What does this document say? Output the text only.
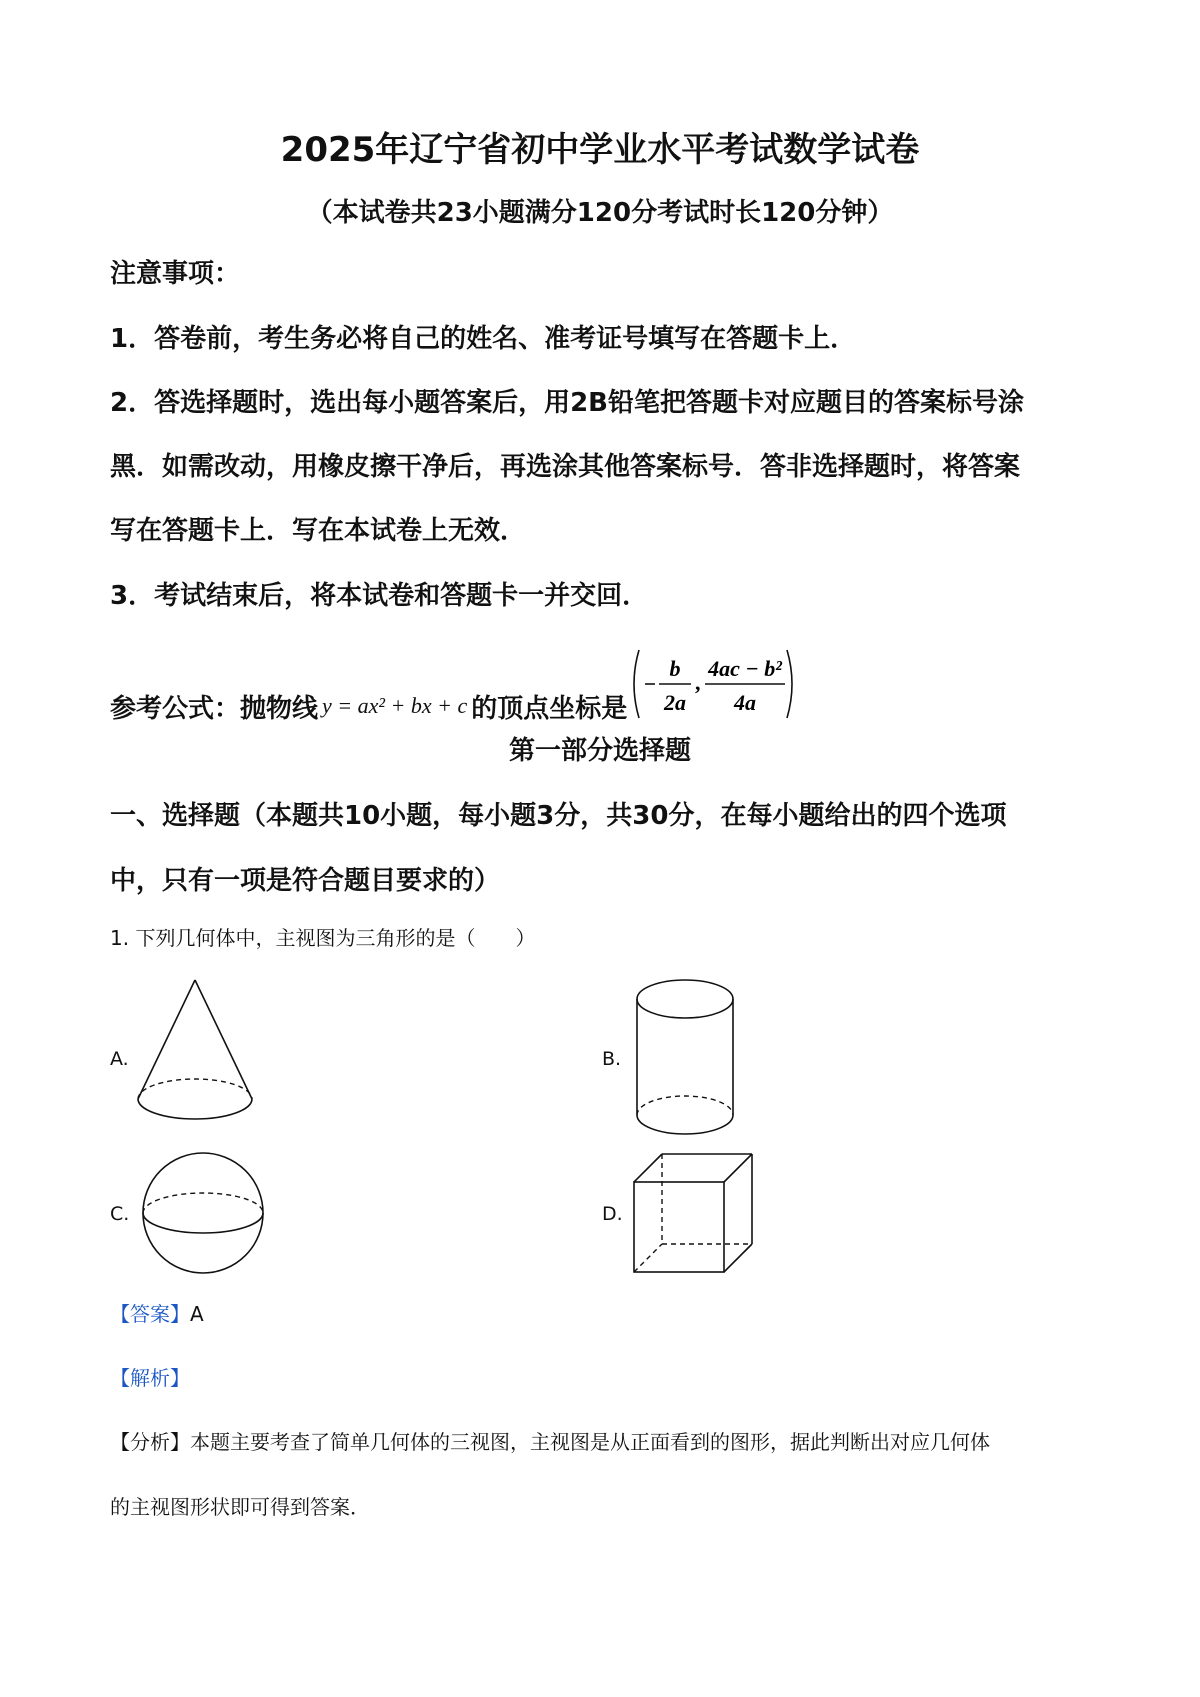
2025年辽宁省初中学业水平考试数学试卷
（本试卷共23小题满分120分考试时长120分钟）
注意事项：
1．答卷前，考生务必将自己的姓名、准考证号填写在答题卡上．
2．答选择题时，选出每小题答案后，用2B铅笔把答题卡对应题目的答案标号涂
黑．如需改动，用橡皮擦干净后，再选涂其他答案标号．答非选择题时，将答案
写在答题卡上．写在本试卷上无效．
3．考试结束后，将本试卷和答题卡一并交回．
参考公式：抛物线 y = ax² + bx + c 的顶点坐标是
b
2a
,
4ac − b²
4a
第一部分选择题
一、选择题（本题共10小题，每小题3分，共30分，在每小题给出的四个选项
中，只有一项是符合题目要求的）
1. 下列几何体中，主视图为三角形的是（　　）
A.	B.
C.	D.
【答案】A
【解析】
【分析】本题主要考查了简单几何体的三视图，主视图是从正面看到的图形，据此判断出对应几何体
的主视图形状即可得到答案．
